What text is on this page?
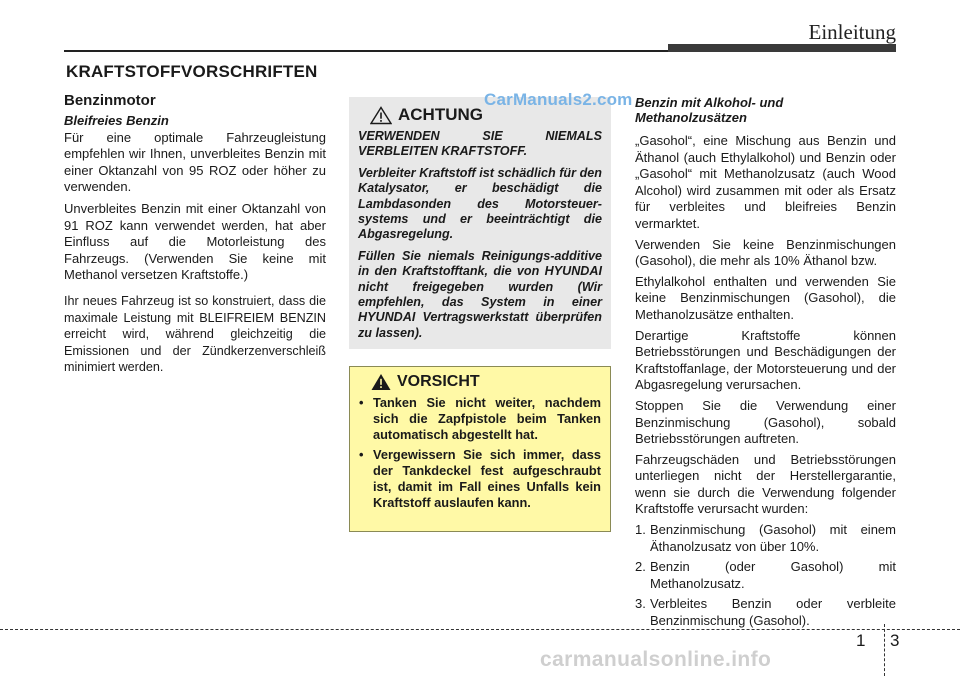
Einleitung
KRAFTSTOFFVORSCHRIFTEN
Benzinmotor
Bleifreies Benzin

Für eine optimale Fahrzeugleistung empfehlen wir Ihnen, unverbleites Benzin mit einer Oktanzahl von 95 ROZ oder höher zu verwenden.

Unverbleites Benzin mit einer Oktanzahl von 91 ROZ kann verwendet werden, hat aber Einfluss auf die Motorleistung des Fahrzeugs. (Verwenden Sie keine mit Methanol versetzen Kraftstoffe.)

Ihr neues Fahrzeug ist so konstruiert, dass die maximale Leistung mit BLEIFREIEM BENZIN erreicht wird, während gleichzeitig die Emissionen und der Zündkerzenverschleiß minimiert werden.

ACHTUNG

VERWENDEN SIE NIEMALS VERBLEITEN KRAFTSTOFF.

Verbleiter Kraftstoff ist schädlich für den Katalysator, er beschädigt die Lambdasonden des Motorsteuer-systems und er beeinträchtigt die Abgasregelung.

Füllen Sie niemals Reinigungs-additive in den Kraftstofftank, die von HYUNDAI nicht freigegeben wurden (Wir empfehlen, das System in einer HYUNDAI Vertragswerkstatt überprüfen zu lassen).

VORSICHT
• Tanken Sie nicht weiter, nachdem sich die Zapfpistole beim Tanken automatisch abgestellt hat.
• Vergewissern Sie sich immer, dass der Tankdeckel fest aufgeschraubt ist, damit im Fall eines Unfalls kein Kraftstoff auslaufen kann.
Benzin mit Alkohol- und Methanolzusätzen

„Gasohol“, eine Mischung aus Benzin und Äthanol (auch Ethylalkohol) und Benzin oder „Gasohol“ mit Methanolzusatz (auch Wood Alcohol) wird zusammen mit oder als Ersatz für verbleites und bleifreies Benzin vermarktet.

Verwenden Sie keine Benzinmischungen (Gasohol), die mehr als 10% Äthanol bzw.

Ethylalkohol enthalten und verwenden Sie keine Benzinmischungen (Gasohol), die Methanolzusätze enthalten.

Derartige Kraftstoffe können Betriebsstörungen und Beschädigungen der Kraftstoffanlage, der Motorsteuerung und der Abgasregelung verursachen.

Stoppen Sie die Verwendung einer Benzinmischung (Gasohol), sobald Betriebsstörungen auftreten.

Fahrzeugschäden und Betriebsstörungen unterliegen nicht der Herstellergarantie, wenn sie durch die Verwendung folgender Kraftstoffe verursacht wurden:

1. Benzinmischung (Gasohol) mit einem Äthanolzusatz von über 10%.
2. Benzin (oder Gasohol) mit Methanolzusatz.
3. Verbleites Benzin oder verbleite Benzinmischung (Gasohol).
CarManuals2.com
1 3
carmanualsonline.info
